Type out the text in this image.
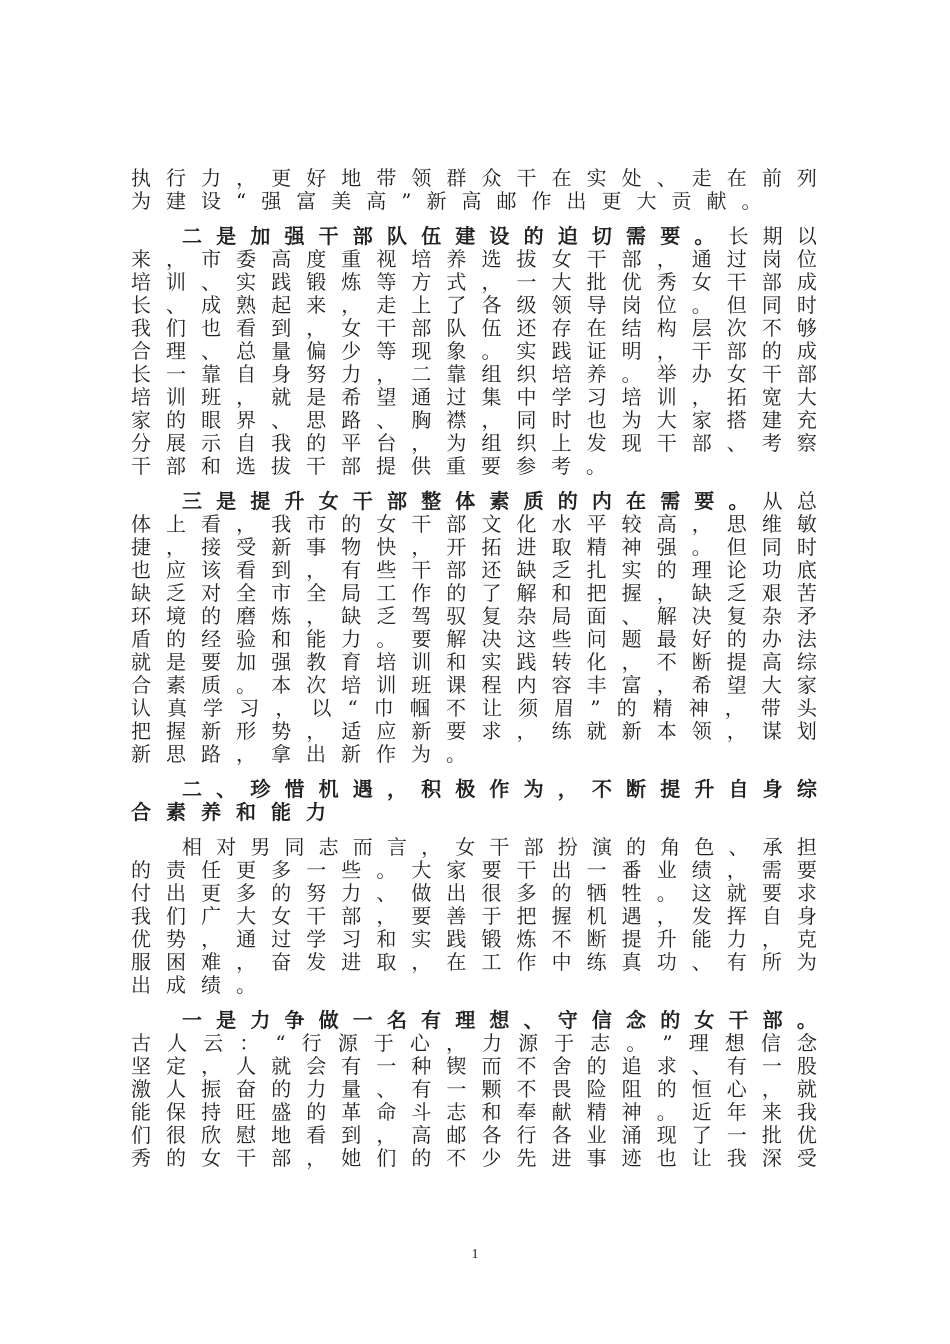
执 行 力 ， 更 好 地 带 领 群 众 干 在 实 处 、 走 在 前 列
为 建 设 “ 强 富 美 高 ” 新 高 邮 作 出 更 大 贡 献 。
二 是 加 强 干 部 队 伍 建 设 的 迫 切 需 要 。 长 期 以
来 ， 市 委 高 度 重 视 培 养 选 拔 女 干 部 ， 通 过 岗 位
培 训 、 实 践 锻 炼 等 方 式 ， 一 大 批 优 秀 女 干 部 成
长 、 成 熟 起 来 ， 走 上 了 各 级 领 导 岗 位 。 但 同 时
我 们 也 看 到 ， 女 干 部 队 伍 还 存 在 结 构 层 次 不 够
合 理 、 总 量 偏 少 等 现 象 。 实 践 证 明 ， 干 部 的 成
长 一 靠 自 身 努 力 ， 二 靠 组 织 培 养 。 举 办 女 干 部
培 训 班 ， 就 是 希 望 通 过 集 中 学 习 培 训 ， 拓 宽 大
家 的 眼 界 、 思 路 、 胸 襟 ， 同 时 也 为 大 家 搭 建 充
分 展 示 自 我 的 平 台 ， 为 组 织 上 发 现 干 部 、 考 察
干 部 和 选 拔 干 部 提 供 重 要 参 考 。
三 是 提 升 女 干 部 整 体 素 质 的 内 在 需 要 。 从 总
体 上 看 ， 我 市 的 女 干 部 文 化 水 平 较 高 ， 思 维 敏
捷 ， 接 受 新 事 物 快 ， 开 拓 进 取 精 神 强 。 但 同 时
也 应 该 看 到 ， 有 些 干 部 还 缺 乏 扎 实 的 理 论 功 底
缺 乏 对 全 市 全 局 工 作 的 了 解 和 把 握 ， 缺 乏 艰 苦
环 境 的 磨 炼 ， 缺 乏 驾 驭 复 杂 局 面 、 解 决 复 杂 矛
盾 的 经 验 和 能 力 。 要 解 决 这 些 问 题 最 好 的 办 法
就 是 要 加 强 教 育 培 训 和 实 践 转 化 ， 不 断 提 高 综
合 素 质 。 本 次 培 训 班 课 程 内 容 丰 富 ， 希 望 大 家
认 真 学 习 ， 以 “ 巾 帼 不 让 须 眉 ” 的 精 神 ， 带 头
把 握 新 形 势 ， 适 应 新 要 求 ， 练 就 新 本 领 ， 谋 划
新 思 路 ， 拿 出 新 作 为 。
二 、 珍 惜 机 遇 ， 积 极 作 为 ， 不 断 提 升 自 身 综
合 素 养 和 能 力
相 对 男 同 志 而 言 ， 女 干 部 扮 演 的 角 色 、 承 担
的 责 任 更 多 一 些 。 大 家 要 干 出 一 番 业 绩 ， 需 要
付 出 更 多 的 努 力 、 做 出 很 多 的 牺 牲 。 这 就 要 求
我 们 广 大 女 干 部 ， 要 善 于 把 握 机 遇 ， 发 挥 自 身
优 势 ， 通 过 学 习 和 实 践 锻 炼 不 断 提 升 能 力 ， 克
服 困 难 ， 奋 发 进 取 ， 在 工 作 中 练 真 功 、 有 所 为
出 成 绩 。
一 是 力 争 做 一 名 有 理 想 、 守 信 念 的 女 干 部 。
古 人 云 ： “ 行 源 于 心 ， 力 源 于 志 。 ” 理 想 信 念
坚 定 ， 人 就 会 有 一 种 锲 而 不 舍 的 追 求 、 有 一 股
激 人 振 奋 的 力 量 、 有 一 颗 不 畏 险 阻 的 恒 心 ， 就
能 保 持 旺 盛 的 革 命 斗 志 和 奉 献 精 神 。 近 年 来 我
们 很 欣 慰 地 看 到 ， 高 邮 各 行 各 业 涌 现 了 一 批 优
秀 的 女 干 部 ， 她 们 的 不 少 先 进 事 迹 也 让 我 深 受
1
